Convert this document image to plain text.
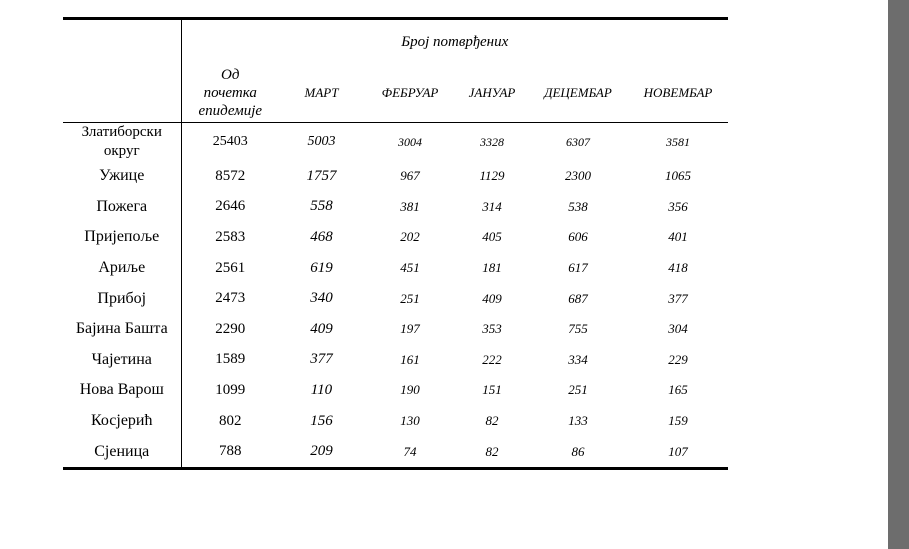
	Број потврђених					

	Од
почетка
епидемије	МАРТ	ФЕБРУАР	ЈАНУАР	ДЕЦЕМБАР	НОВЕМБАР

Златиборски
округ	25403	5003	3004	3328	6307	3581
Ужице	8572	1757	967	1129	2300	1065
Пожега	2646	558	381	314	538	356
Пријепоље	2583	468	202	405	606	401
Ариље	2561	619	451	181	617	418
Прибој	2473	340	251	409	687	377
Бајина Башта	2290	409	197	353	755	304
Чајетина	1589	377	161	222	334	229
Нова Варош	1099	110	190	151	251	165
Косјерић	802	156	130	82	133	159
Сјеница	788	209	74	82	86	107
